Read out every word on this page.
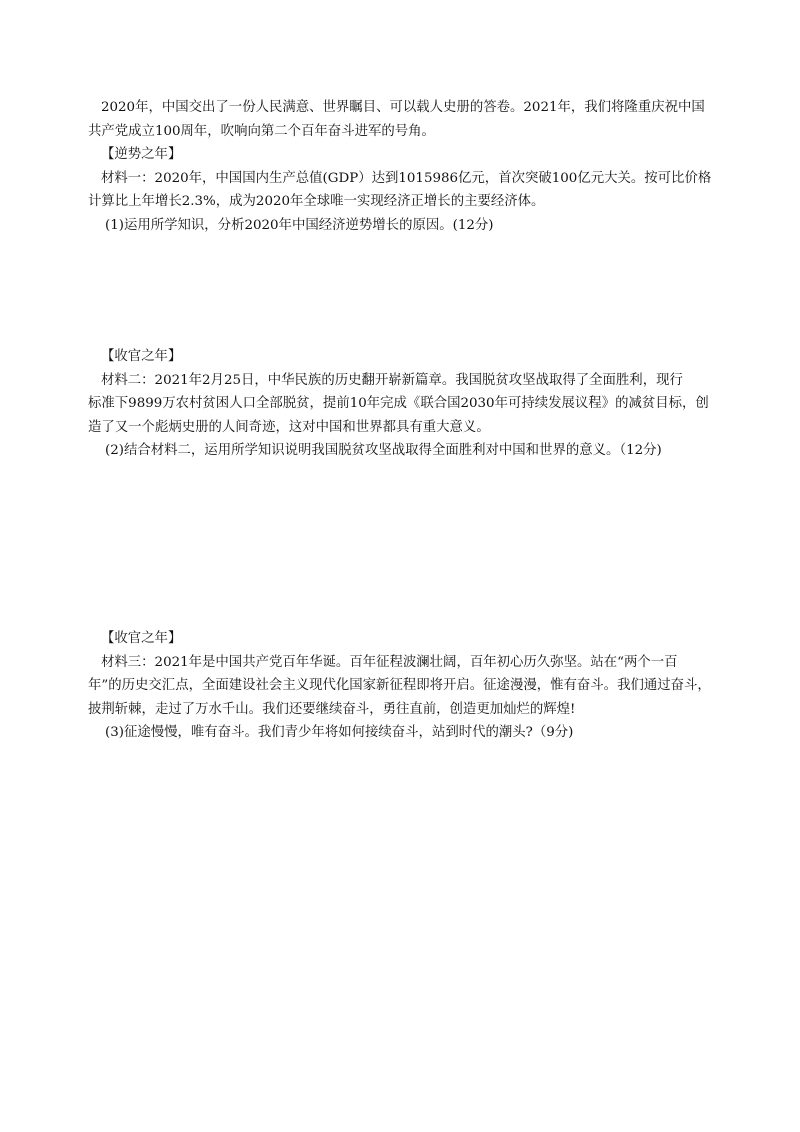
2020年，中国交出了一份人民满意、世界瞩目、可以载人史册的答卷。2021年，我们将隆重庆祝中国

共产党成立100周年，吹响向第二个百年奋斗进军的号角。

【逆势之年】

材料一：2020年，中国国内生产总值(GDP）达到1015986亿元，首次突破100亿元大关。按可比价格

计算比上年增长2.3%，成为2020年全球唯一实现经济正增长的主要经济体。

(1)运用所学知识，分析2020年中国经济逆势增长的原因。(12分)

【收官之年】

材料二：2021年2月25日，中华民族的历史翻开崭新篇章。我国脱贫攻坚战取得了全面胜利，现行

标准下9899万农村贫困人口全部脱贫，提前10年完成《联合国2030年可持续发展议程》的减贫目标，创

造了又一个彪炳史册的人间奇迹，这对中国和世界都具有重大意义。

(2)结合材料二，运用所学知识说明我国脱贫攻坚战取得全面胜利对中国和世界的意义。（12分)

【收官之年】

材料三：2021年是中国共产党百年华诞。百年征程波澜壮阔，百年初心历久弥坚。站在“两个一百

年”的历史交汇点，全面建设社会主义现代化国家新征程即将开启。征途漫漫，惟有奋斗。我们通过奋斗，

披荆斩棘，走过了万水千山。我们还要继续奋斗，勇往直前，创造更加灿烂的辉煌!

(3)征途慢慢，唯有奋斗。我们青少年将如何接续奋斗，站到时代的潮头?（9分)
